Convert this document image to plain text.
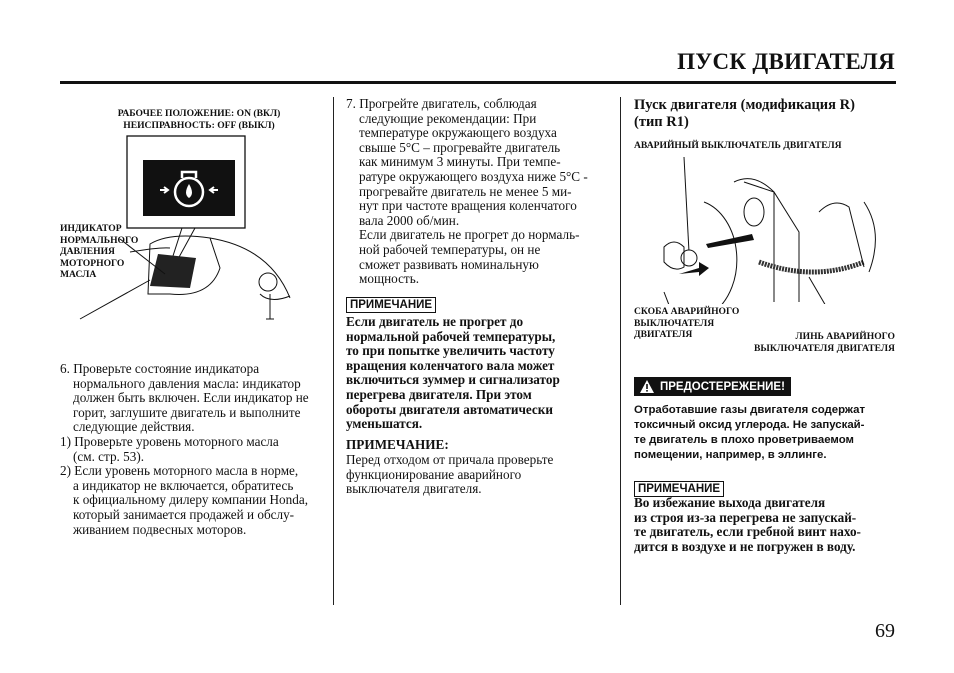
ПУСК ДВИГАТЕЛЯ
РАБОЧЕЕ ПОЛОЖЕНИЕ: ON (ВКЛ)
НЕИСПРАВНОСТЬ: OFF (ВЫКЛ)
ИНДИКАТОР
НОРМАЛЬНОГО
ДАВЛЕНИЯ
МОТОРНОГО
МАСЛА
6. Проверьте состояние индикатора
нормального давления масла: индикатор
должен быть включен. Если индикатор не
горит, заглушите двигатель и выполните
следующие действия.
1) Проверьте уровень моторного масла
(см. стр. 53).
2) Если уровень моторного масла в норме,
а индикатор не включается, обратитесь
к официальному дилеру компании Honda,
который занимается продажей и обслу-
живанием подвесных моторов.
7. Прогрейте двигатель, соблюдая
следующие рекомендации: При
температуре окружающего воздуха
свыше 5°C – прогревайте двигатель
как минимум 3 минуты. При темпе-
ратуре окружающего воздуха ниже 5°C -
прогревайте двигатель не менее 5 ми-
нут при частоте вращения коленчатого
вала 2000 об/мин.
Если двигатель не прогрет до нормаль-
ной рабочей температуры, он не
сможет развивать номинальную
мощность.
ПРИМЕЧАНИЕ
Если двигатель не прогрет до
нормальной рабочей температуры,
то при попытке увеличить частоту
вращения коленчатого вала может
включиться зуммер и сигнализатор
перегрева двигателя. При этом
обороты двигателя автоматически
уменьшатся.
ПРИМЕЧАНИЕ:
Перед отходом от причала проверьте
функционирование аварийного
выключателя двигателя.
Пуск двигателя (модификация R)
(тип R1)
АВАРИЙНЫЙ ВЫКЛЮЧАТЕЛЬ ДВИГАТЕЛЯ
СКОБА АВАРИЙНОГО
ВЫКЛЮЧАТЕЛЯ
ДВИГАТЕЛЯ	ЛИНЬ АВАРИЙНОГО
ВЫКЛЮЧАТЕЛЯ ДВИГАТЕЛЯ
ПРЕДОСТЕРЕЖЕНИЕ!
Отработавшие газы двигателя содержат
токсичный оксид углерода. Не запускай-
те двигатель в плохо проветриваемом
помещении, например, в эллинге.
ПРИМЕЧАНИЕ
Во избежание выхода двигателя
из строя из-за перегрева не запускай-
те двигатель, если гребной винт нахо-
дится в воздухе и не погружен в воду.
69
